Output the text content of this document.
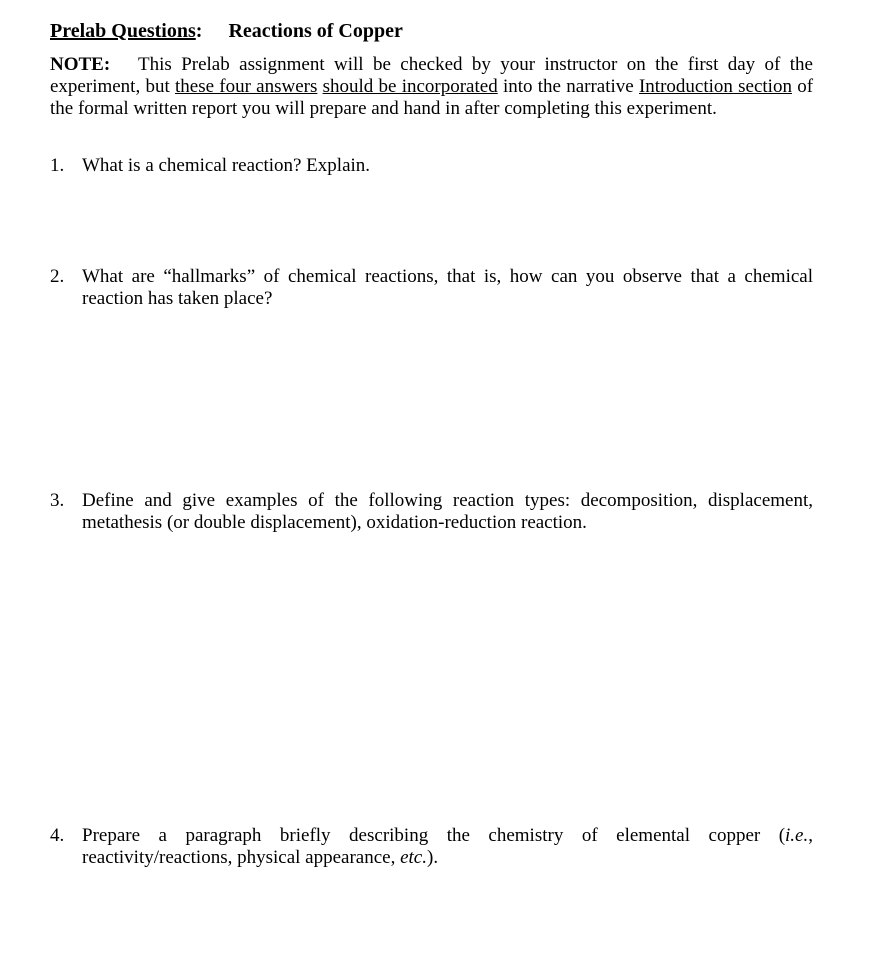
Prelab Questions: Reactions of Copper

NOTE: This Prelab assignment will be checked by your instructor on the first day of the experiment, but these four answers should be incorporated into the narrative Introduction section of the formal written report you will prepare and hand in after completing this experiment.
1. What is a chemical reaction? Explain.
2. What are “hallmarks” of chemical reactions, that is, how can you observe that a chemical reaction has taken place?
3. Define and give examples of the following reaction types: decomposition, displacement, metathesis (or double displacement), oxidation-reduction reaction.
4. Prepare a paragraph briefly describing the chemistry of elemental copper (i.e., reactivity/reactions, physical appearance, etc.).
